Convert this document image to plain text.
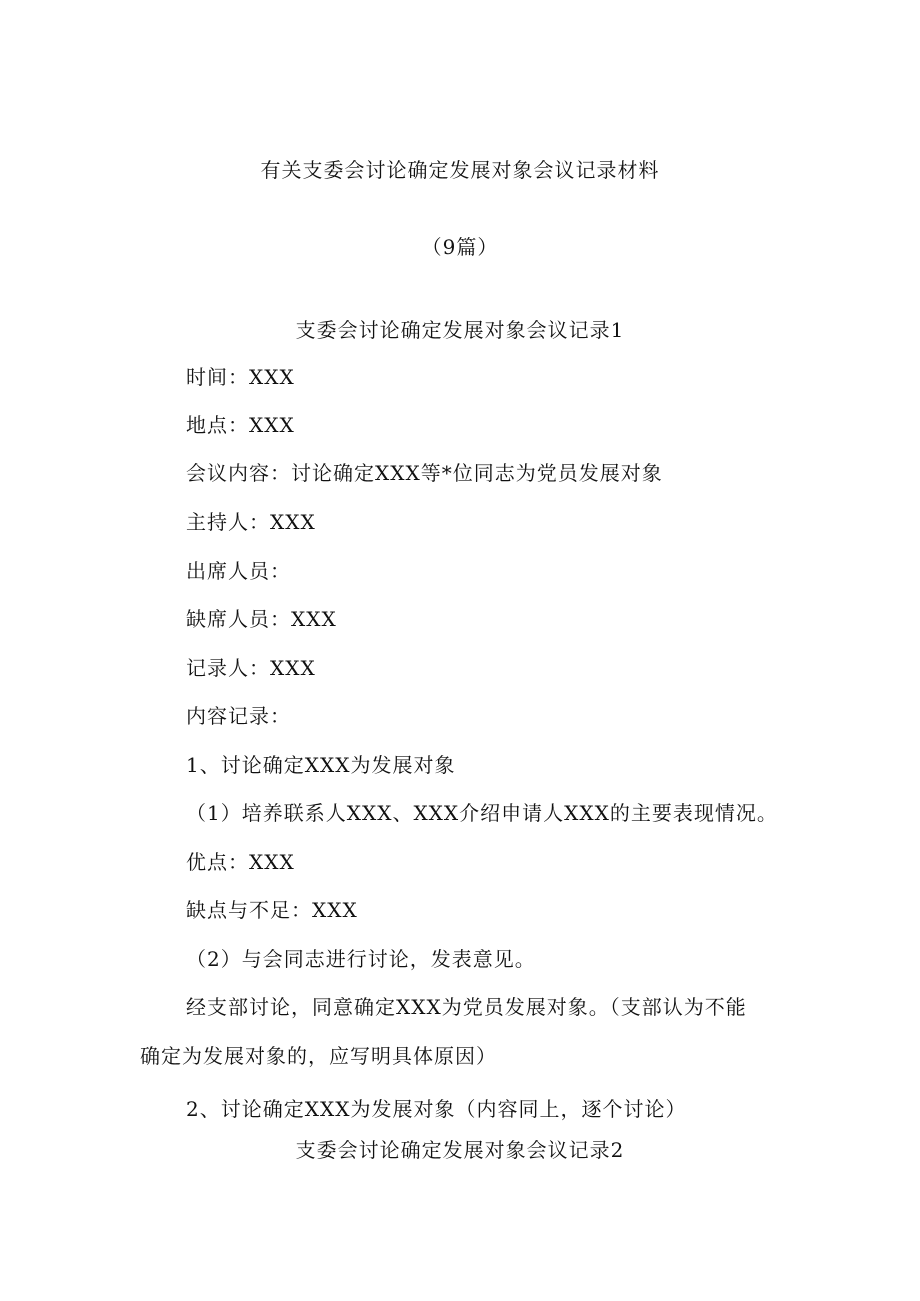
有关支委会讨论确定发展对象会议记录材料
（9篇）
支委会讨论确定发展对象会议记录1
时间：XXX
地点：XXX
会议内容：讨论确定XXX等*位同志为党员发展对象
主持人：XXX
出席人员：
缺席人员：XXX
记录人：XXX
内容记录：
1、讨论确定XXX为发展对象
（1）培养联系人XXX、XXX介绍申请人XXX的主要表现情况。
优点：XXX
缺点与不足：XXX
（2）与会同志进行讨论，发表意见。
经支部讨论，同意确定XXX为党员发展对象。（支部认为不能
确定为发展对象的，应写明具体原因）
2、讨论确定XXX为发展对象（内容同上，逐个讨论）
支委会讨论确定发展对象会议记录2
